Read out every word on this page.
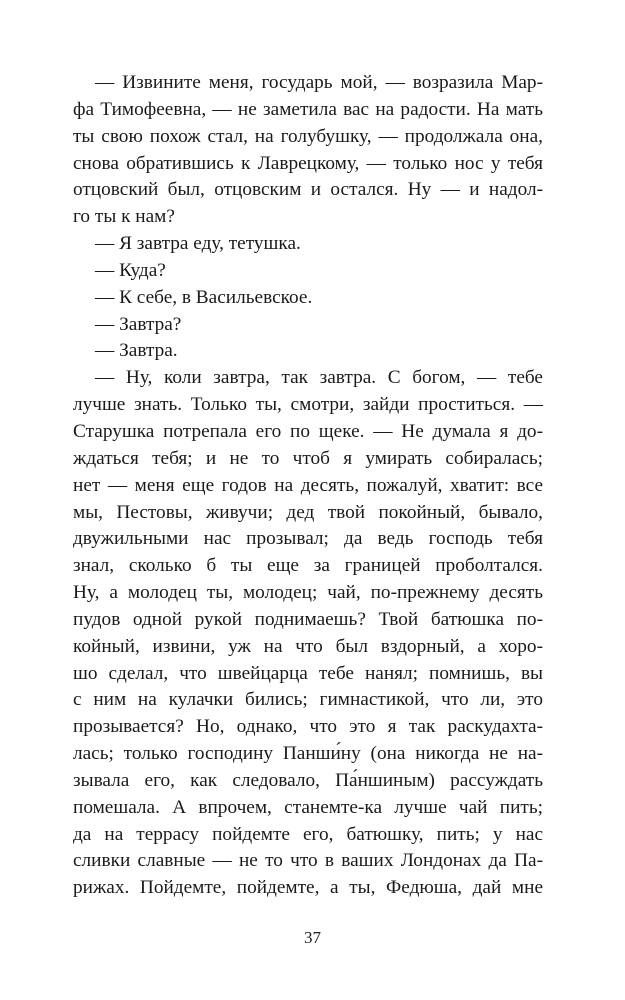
— Извините меня, государь мой, — возразила Мар-
фа Тимофеевна, — не заметила вас на радости. На мать
ты свою похож стал, на голубушку, — продолжала она,
снова обратившись к Лаврецкому, — только нос у тебя
отцовский был, отцовским и остался. Ну — и надол-
го ты к нам?
— Я завтра еду, тетушка.
— Куда?
— К себе, в Васильевское.
— Завтра?
— Завтра.
— Ну, коли завтра, так завтра. С богом, — тебе
лучше знать. Только ты, смотри, зайди проститься. —
Старушка потрепала его по щеке. — Не думала я до-
ждаться тебя; и не то чтоб я умирать собиралась;
нет — меня еще годов на десять, пожалуй, хватит: все
мы, Пестовы, живучи; дед твой покойный, бывало,
двужильными нас прозывал; да ведь господь тебя
знал, сколько б ты еще за границей проболтался.
Ну, а молодец ты, молодец; чай, по-прежнему десять
пудов одной рукой поднимаешь? Твой батюшка по-
койный, извини, уж на что был вздорный, а хоро-
шо сделал, что швейцарца тебе нанял; помнишь, вы
с ним на кулачки бились; гимнастикой, что ли, это
прозывается? Но, однако, что это я так раскудахта-
лась; только господину Панши́ну (она никогда не на-
зывала его, как следовало, Па́ншиным) рассуждать
помешала. А впрочем, станемте-ка лучше чай пить;
да на террасу пойдемте его, батюшку, пить; у нас
сливки славные — не то что в ваших Лондонах да Па-
рижах. Пойдемте, пойдемте, а ты, Федюша, дай мне
37
